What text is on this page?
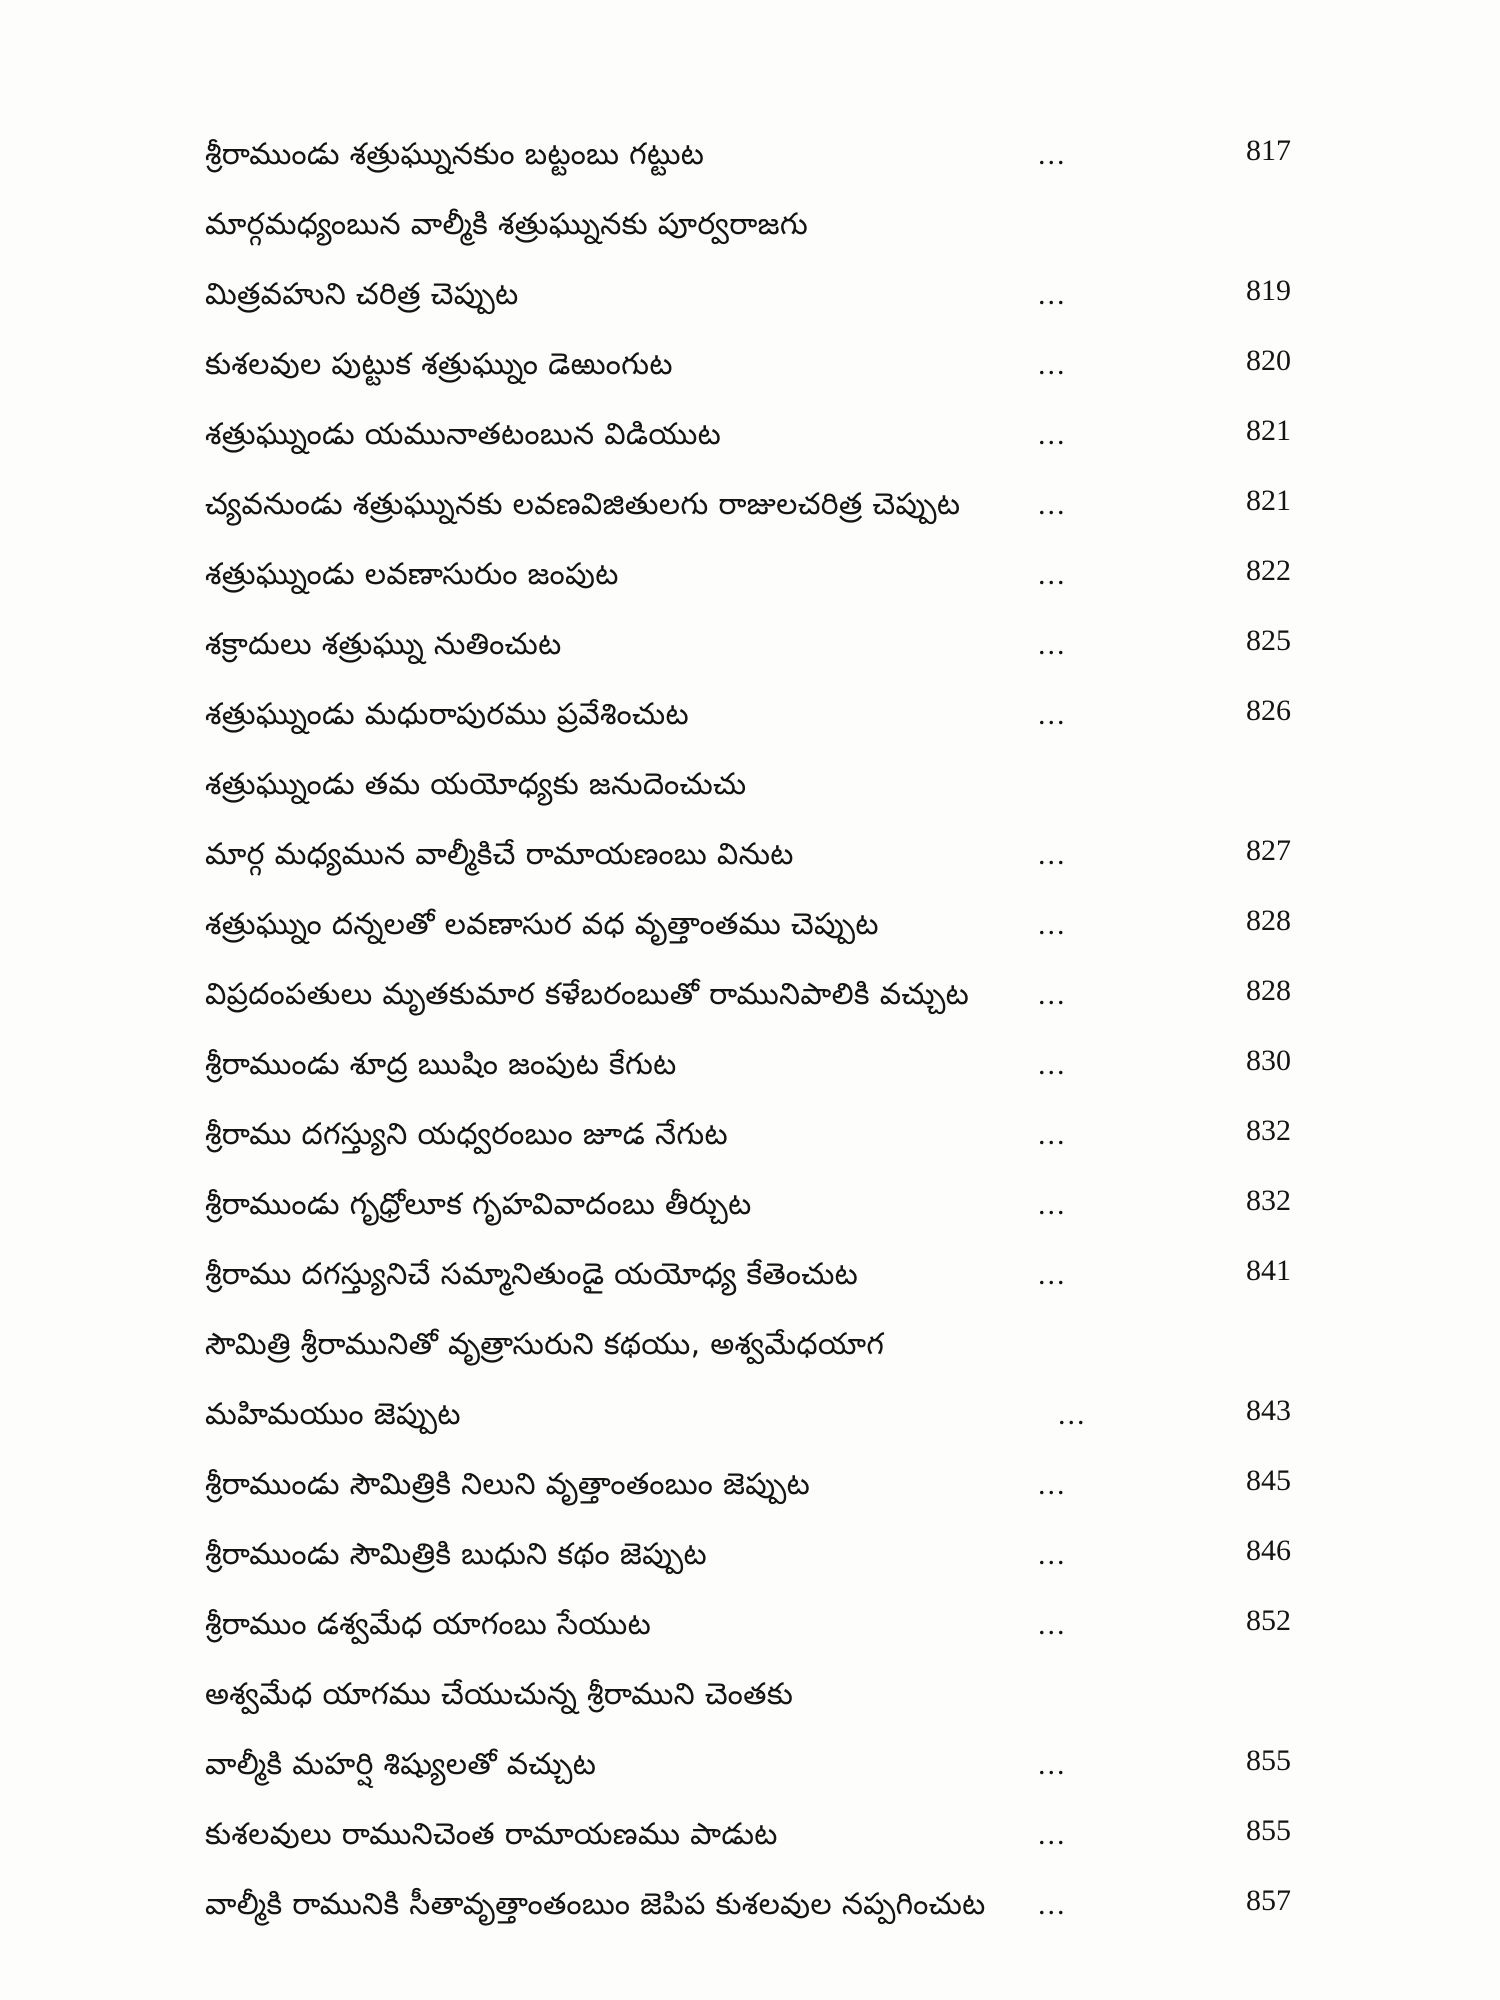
శ్రీరాముండు శత్రుఘ్నునకుం బట్టంబు గట్టుట	...	817
మార్గమధ్యంబున వాల్మీకి శత్రుఘ్నునకు పూర్వరాజగు
మిత్రవహుని చరిత్ర చెప్పుట	...	819
కుశలవుల పుట్టుక శత్రుఘ్నుం డెఱుంగుట	...	820
శత్రుఘ్నుండు యమునాతటంబున విడియుట	...	821
చ్యవనుండు శత్రుఘ్నునకు లవణవిజితులగు రాజులచరిత్ర చెప్పుట	...	821
శత్రుఘ్నుండు లవణాసురుం జంపుట	...	822
శక్రాదులు శత్రుఘ్ను నుతించుట	...	825
శత్రుఘ్నుండు మధురాపురము ప్రవేశించుట	...	826
శత్రుఘ్నుండు తమ యయోధ్యకు జనుదెంచుచు
మార్గ మధ్యమున వాల్మీకిచే రామాయణంబు వినుట	...	827
శత్రుఘ్నుం దన్నలతో లవణాసుర వధ వృత్తాంతము చెప్పుట	...	828
విప్రదంపతులు మృతకుమార కళేబరంబుతో రామునిపాలికి వచ్చుట ...	828
శ్రీరాముండు శూద్ర ఋషిం జంపుట కేగుట	...	830
శ్రీరాము దగస్త్యుని యధ్వరంబుం జూడ నేగుట	...	832
శ్రీరాముండు గృధ్రోలూక గృహవివాదంబు తీర్చుట	...	832
శ్రీరాము దగస్త్యునిచే సమ్మానితుండై యయోధ్య కేతెంచుట	...	841
సౌమిత్రి శ్రీరామునితో వృత్రాసురుని కథయు, అశ్వమేధయాగ
మహిమయుం జెప్పుట	...	843
శ్రీరాముండు సౌమిత్రికి నిలుని వృత్తాంతంబుం జెప్పుట	...	845
శ్రీరాముండు సౌమిత్రికి బుధుని కథం జెప్పుట	...	846
శ్రీరాముం డశ్వమేధ యాగంబు సేయుట	...	852
అశ్వమేధ యాగము చేయుచున్న శ్రీరాముని చెంతకు
వాల్మీకి మహర్షి శిష్యులతో వచ్చుట	...	855
కుశలవులు రామునిచెంత రామాయణము పాడుట	...	855
వాల్మీకి రామునికి సీతావృత్తాంతంబుం జెపిప కుశలవుల నప్పగించుట ...	857
